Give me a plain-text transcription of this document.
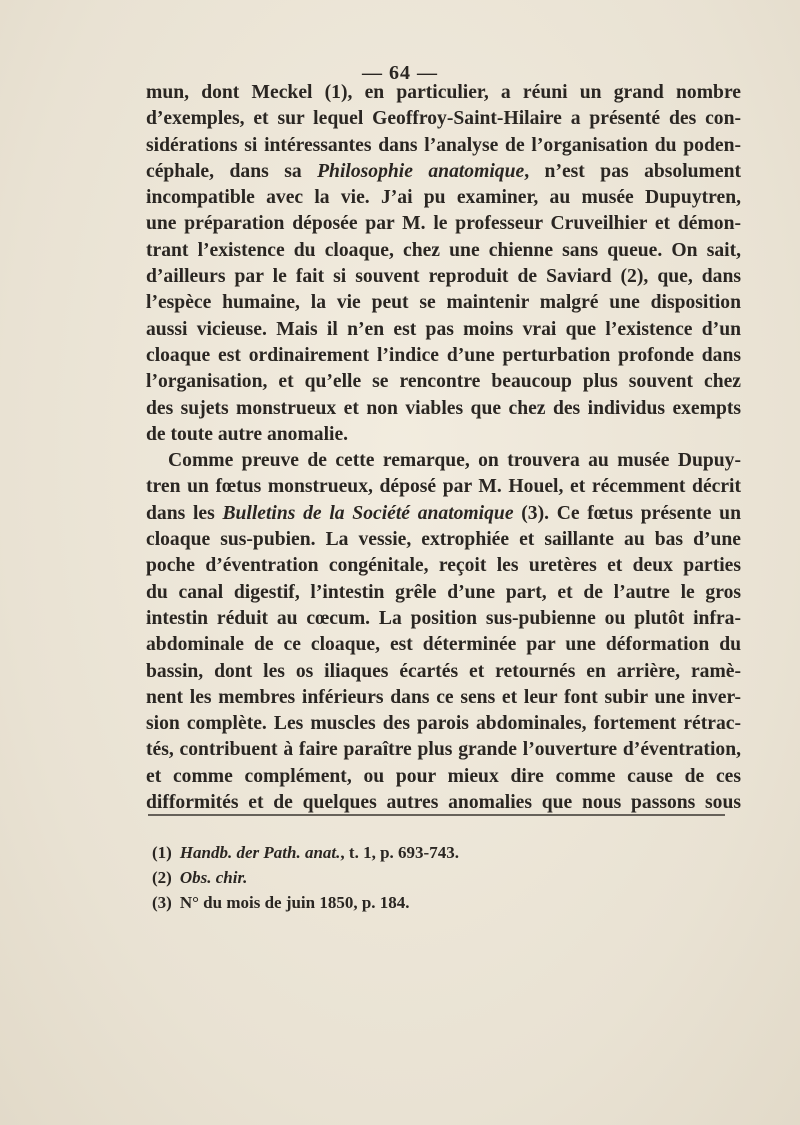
— 64 —
mun, dont Meckel (1), en particulier, a réuni un grand nombre
d’exemples, et sur lequel Geoffroy-Saint-Hilaire a présenté des con-
sidérations si intéressantes dans l’analyse de l’organisation du poden-
céphale, dans sa Philosophie anatomique, n’est pas absolument
incompatible avec la vie. J’ai pu examiner, au musée Dupuytren,
une préparation déposée par M. le professeur Cruveilhier et démon-
trant l’existence du cloaque, chez une chienne sans queue. On sait,
d’ailleurs par le fait si souvent reproduit de Saviard (2), que, dans
l’espèce humaine, la vie peut se maintenir malgré une disposition
aussi vicieuse. Mais il n’en est pas moins vrai que l’existence d’un
cloaque est ordinairement l’indice d’une perturbation profonde dans
l’organisation, et qu’elle se rencontre beaucoup plus souvent chez
des sujets monstrueux et non viables que chez des individus exempts
de toute autre anomalie.
Comme preuve de cette remarque, on trouvera au musée Dupuy-
tren un fœtus monstrueux, déposé par M. Houel, et récemment décrit
dans les Bulletins de la Société anatomique (3). Ce fœtus présente un
cloaque sus-pubien. La vessie, extrophiée et saillante au bas d’une
poche d’éventration congénitale, reçoit les uretères et deux parties
du canal digestif, l’intestin grêle d’une part, et de l’autre le gros
intestin réduit au cœcum. La position sus-pubienne ou plutôt infra-
abdominale de ce cloaque, est déterminée par une déformation du
bassin, dont les os iliaques écartés et retournés en arrière, ramè-
nent les membres inférieurs dans ce sens et leur font subir une inver-
sion complète. Les muscles des parois abdominales, fortement rétrac-
tés, contribuent à faire paraître plus grande l’ouverture d’éventration,
et comme complément, ou pour mieux dire comme cause de ces
difformités et de quelques autres anomalies que nous passons sous
(1) Handb. der Path. anat., t. 1, p. 693-743.
(2) Obs. chir.
(3) N° du mois de juin 1850, p. 184.
